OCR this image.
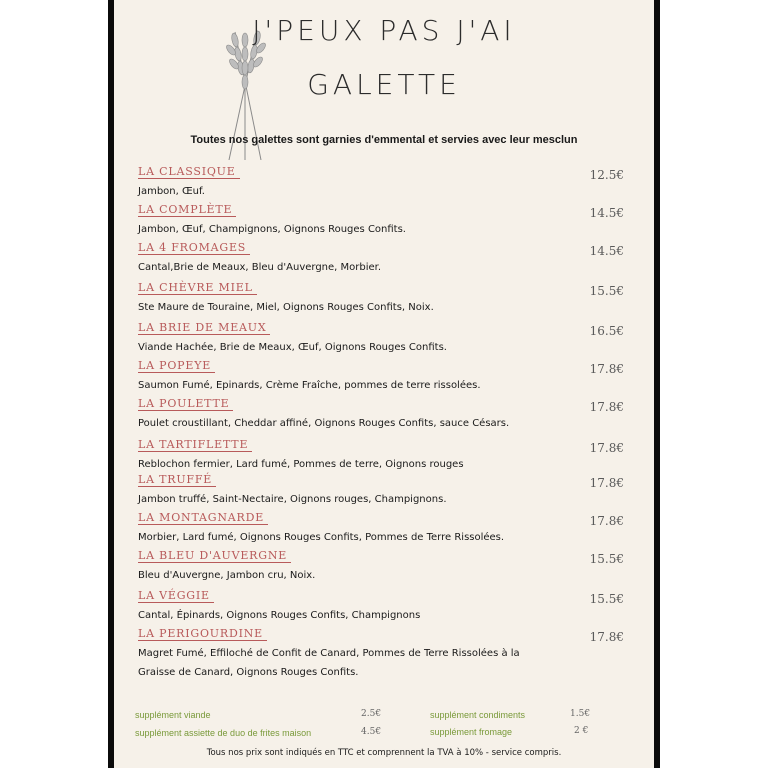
J'PEUX PAS J'AI
GALETTE
Toutes nos galettes sont garnies d'emmental et servies avec leur mesclun
LA CLASSIQUE	12.5€
Jambon, Œuf.
LA COMPLÈTE	14.5€
Jambon, Œuf, Champignons, Oignons Rouges Confits.
LA 4 FROMAGES	14.5€
Cantal,Brie de Meaux, Bleu d'Auvergne, Morbier.
LA CHÈVRE MIEL	15.5€
Ste Maure de Touraine, Miel, Oignons Rouges Confits, Noix.
LA BRIE DE MEAUX	16.5€
Viande Hachée, Brie de Meaux, Œuf, Oignons Rouges Confits.
LA POPEYE	17.8€
Saumon Fumé, Epinards, Crème Fraîche, pommes de terre rissolées.
LA POULETTE	17.8€
Poulet croustillant, Cheddar affiné, Oignons Rouges Confits, sauce Césars.
LA TARTIFLETTE	17.8€
Reblochon fermier, Lard fumé, Pommes de terre, Oignons rouges
LA TRUFFÉ	17.8€
Jambon truffé, Saint-Nectaire, Oignons rouges, Champignons.
LA MONTAGNARDE	17.8€
Morbier, Lard fumé, Oignons Rouges Confits, Pommes de Terre Rissolées.
LA BLEU D'AUVERGNE	15.5€
Bleu d'Auvergne, Jambon cru, Noix.
LA VÉGGIE	15.5€
Cantal, Épinards, Oignons Rouges Confits, Champignons
LA PERIGOURDINE	17.8€
Magret Fumé, Effiloché de Confit de Canard, Pommes de Terre Rissolées à la Graisse de Canard, Oignons Rouges Confits.
supplément viande	2.5€
supplément assiette de duo de frites maison	4.5€
supplément condiments	1.5€
supplément fromage	2 €
Tous nos prix sont indiqués en TTC et comprennent la TVA à 10% - service compris.
